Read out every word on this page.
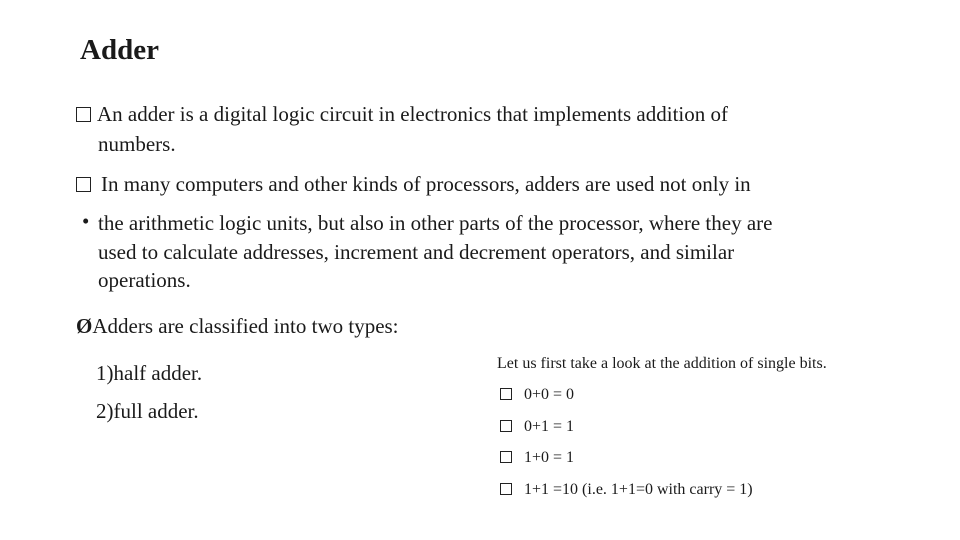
Adder
An adder is a digital logic circuit in electronics that implements addition of
numbers.
In many computers and other kinds of processors, adders are used not only in
• the arithmetic logic units, but also in other parts of the processor, where they are
used to calculate addresses, increment and decrement operators, and similar
operations.
ØAdders are classified into two types:
1)half adder.
2)full adder.
Let us first take a look at the addition of single bits.
0+0 = 0
0+1 = 1
1+0 = 1
1+1 =10 (i.e. 1+1=0 with carry = 1)
